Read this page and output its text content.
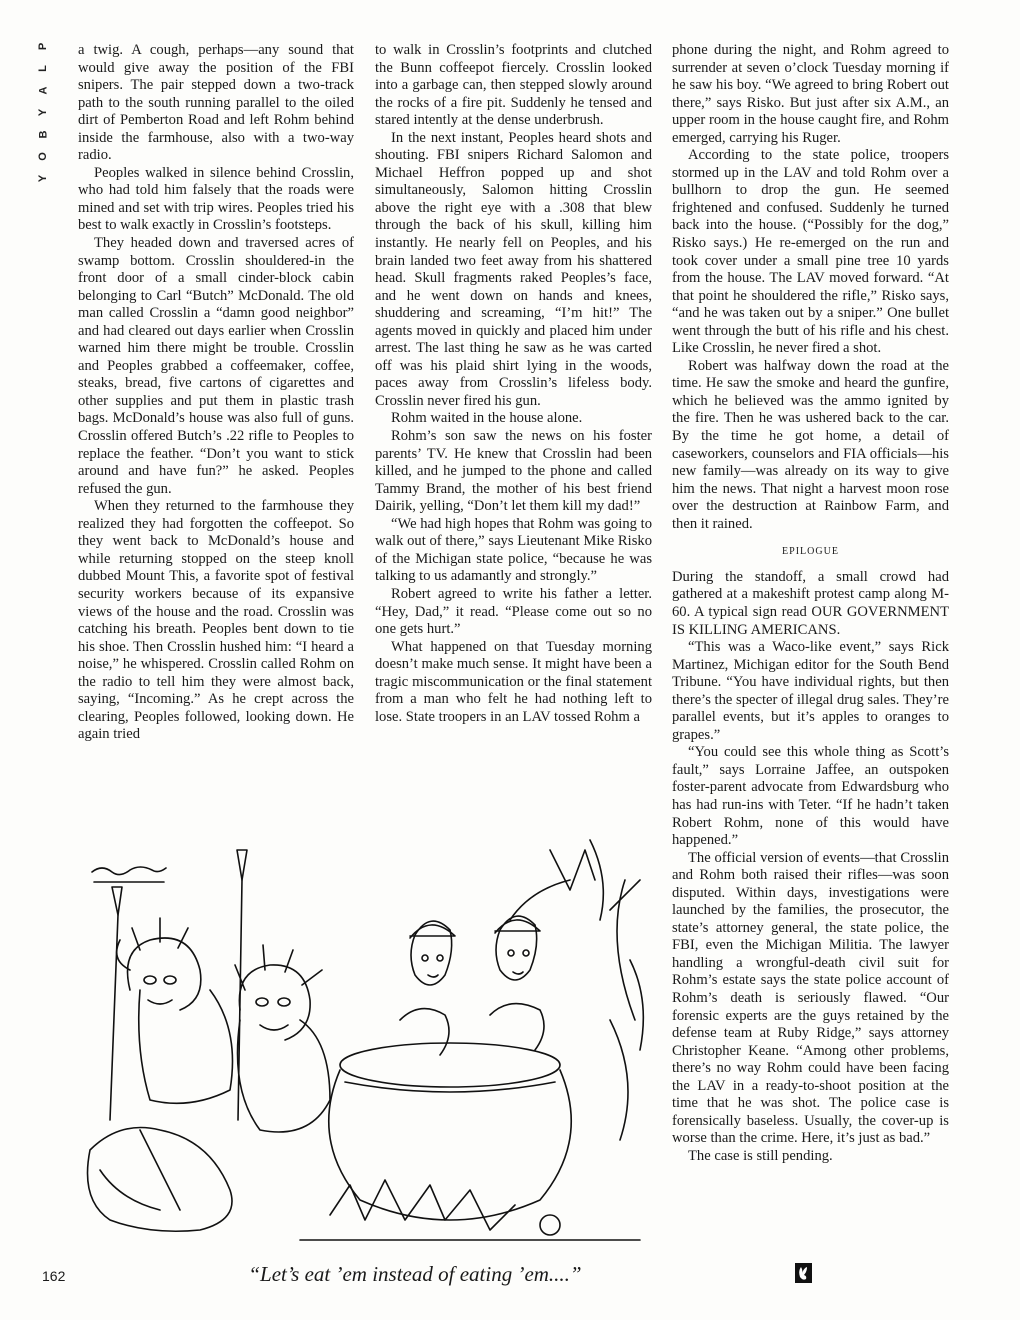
P
L
A
Y
B
O
Y

a twig. A cough, perhaps—any sound that would give away the position of the FBI snipers. The pair stepped down a two-track path to the south running parallel to the oiled dirt of Pemberton Road and left Rohm behind inside the farmhouse, also with a two-way radio.

Peoples walked in silence behind Crosslin, who had told him falsely that the roads were mined and set with trip wires. Peoples tried his best to walk exactly in Crosslin’s footsteps.

They headed down and traversed acres of swamp bottom. Crosslin shouldered-in the front door of a small cinder-block cabin belonging to Carl “Butch” McDonald. The old man called Crosslin a “damn good neighbor” and had cleared out days earlier when Crosslin warned him there might be trouble. Crosslin and Peoples grabbed a coffeemaker, coffee, steaks, bread, five cartons of cigarettes and other supplies and put them in plastic trash bags. McDonald’s house was also full of guns. Crosslin offered Butch’s .22 rifle to Peoples to replace the feather. “Don’t you want to stick around and have fun?” he asked. Peoples refused the gun.

When they returned to the farmhouse they realized they had forgotten the coffeepot. So they went back to McDonald’s house and while returning stopped on the steep knoll dubbed Mount This, a favorite spot of festival security workers because of its expansive views of the house and the road. Crosslin was catching his breath. Peoples bent down to tie his shoe. Then Crosslin hushed him: “I heard a noise,” he whispered. Crosslin called Rohm on the radio to tell him they were almost back, saying, “Incoming.” As he crept across the clearing, Peoples followed, looking down. He again tried

to walk in Crosslin’s footprints and clutched the Bunn coffeepot fiercely. Crosslin looked into a garbage can, then stepped slowly around the rocks of a fire pit. Suddenly he tensed and stared intently at the dense underbrush.

In the next instant, Peoples heard shots and shouting. FBI snipers Richard Salomon and Michael Heffron popped up and shot simultaneously, Salomon hitting Crosslin above the right eye with a .308 that blew through the back of his skull, killing him instantly. He nearly fell on Peoples, and his brain landed two feet away from his shattered head. Skull fragments raked Peoples’s face, and he went down on hands and knees, shuddering and screaming, “I’m hit!” The agents moved in quickly and placed him under arrest. The last thing he saw as he was carted off was his plaid shirt lying in the woods, paces away from Crosslin’s lifeless body. Crosslin never fired his gun.

Rohm waited in the house alone.

Rohm’s son saw the news on his foster parents’ TV. He knew that Crosslin had been killed, and he jumped to the phone and called Tammy Brand, the mother of his best friend Dairik, yelling, “Don’t let them kill my dad!”

“We had high hopes that Rohm was going to walk out of there,” says Lieutenant Mike Risko of the Michigan state police, “because he was talking to us adamantly and strongly.”

Robert agreed to write his father a letter. “Hey, Dad,” it read. “Please come out so no one gets hurt.”

What happened on that Tuesday morning doesn’t make much sense. It might have been a tragic miscommunication or the final statement from a man who felt he had nothing left to lose. State troopers in an LAV tossed Rohm a

phone during the night, and Rohm agreed to surrender at seven o’clock Tuesday morning if he saw his boy. “We agreed to bring Robert out there,” says Risko. But just after six A.M., an upper room in the house caught fire, and Rohm emerged, carrying his Ruger.

According to the state police, troopers stormed up in the LAV and told Rohm over a bullhorn to drop the gun. He seemed frightened and confused. Suddenly he turned back into the house. (“Possibly for the dog,” Risko says.) He re-emerged on the run and took cover under a small pine tree 10 yards from the house. The LAV moved forward. “At that point he shouldered the rifle,” Risko says, “and he was taken out by a sniper.” One bullet went through the butt of his rifle and his chest. Like Crosslin, he never fired a shot.

Robert was halfway down the road at the time. He saw the smoke and heard the gunfire, which he believed was the ammo ignited by the fire. Then he was ushered back to the car. By the time he got home, a detail of caseworkers, counselors and FIA officials—his new family—was already on its way to give him the news. That night a harvest moon rose over the destruction at Rainbow Farm, and then it rained.

EPILOGUE

During the standoff, a small crowd had gathered at a makeshift protest camp along M-60. A typical sign read OUR GOVERNMENT IS KILLING AMERICANS.

“This was a Waco-like event,” says Rick Martinez, Michigan editor for the South Bend Tribune. “You have individual rights, but then there’s the specter of illegal drug sales. They’re parallel events, but it’s apples to oranges to grapes.”

“You could see this whole thing as Scott’s fault,” says Lorraine Jaffee, an outspoken foster-parent advocate from Edwardsburg who has had run-ins with Teter. “If he hadn’t taken Robert Rohm, none of this would have happened.”

The official version of events—that Crosslin and Rohm both raised their rifles—was soon disputed. Within days, investigations were launched by the families, the prosecutor, the state’s attorney general, the state police, the FBI, even the Michigan Militia. The lawyer handling a wrongful-death civil suit for Rohm’s estate says the state police account of Rohm’s death is seriously flawed. “Our forensic experts are the guys retained by the defense team at Ruby Ridge,” says attorney Christopher Keane. “Among other problems, there’s no way Rohm could have been facing the LAV in a ready-to-shoot position at the time that he was shot. The police case is forensically baseless. Usually, the cover-up is worse than the crime. Here, it’s just as bad.”

The case is still pending.

162	“Let’s eat ’em instead of eating ’em....”
